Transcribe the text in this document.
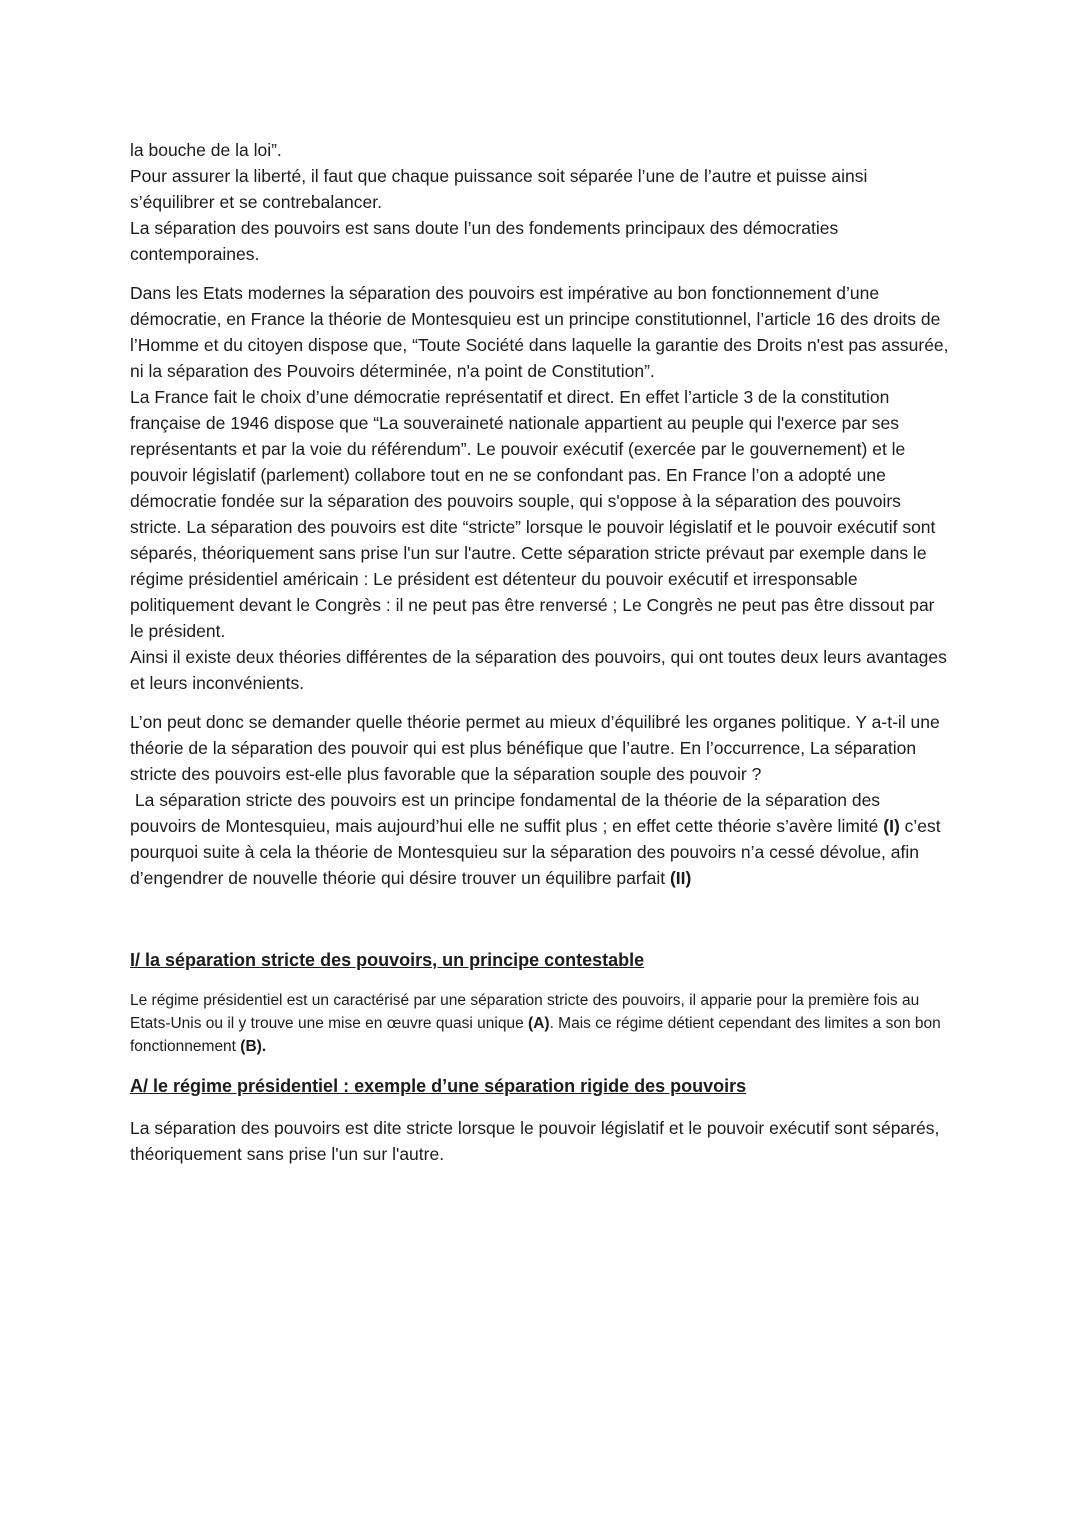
la bouche de la loi”.
Pour assurer la liberté, il faut que chaque puissance soit séparée l’une de l’autre et puisse ainsi s’équilibrer et se contrebalancer.
La séparation des pouvoirs est sans doute l’un des fondements principaux des démocraties contemporaines.
Dans les Etats modernes la séparation des pouvoirs est impérative au bon fonctionnement d’une démocratie, en France la théorie de Montesquieu est un principe constitutionnel, l’article 16 des droits de l’Homme et du citoyen dispose que, “Toute Société dans laquelle la garantie des Droits n'est pas assurée, ni la séparation des Pouvoirs déterminée, n'a point de Constitution”.
La France fait le choix d’une démocratie représentatif et direct. En effet l’article 3 de la constitution française de 1946 dispose que “La souveraineté nationale appartient au peuple qui l'exerce par ses représentants et par la voie du référendum”. Le pouvoir exécutif (exercée par le gouvernement) et le pouvoir législatif (parlement) collabore tout en ne se confondant pas. En France l’on a adopté une démocratie fondée sur la séparation des pouvoirs souple, qui s'oppose à la séparation des pouvoirs stricte. La séparation des pouvoirs est dite “stricte” lorsque le pouvoir législatif et le pouvoir exécutif sont séparés, théoriquement sans prise l'un sur l'autre. Cette séparation stricte prévaut par exemple dans le régime présidentiel américain : Le président est détenteur du pouvoir exécutif et irresponsable politiquement devant le Congrès : il ne peut pas être renversé ; Le Congrès ne peut pas être dissout par le président.
Ainsi il existe deux théories différentes de la séparation des pouvoirs, qui ont toutes deux leurs avantages et leurs inconvénients.
L’on peut donc se demander quelle théorie permet au mieux d’équilibré les organes politique. Y a-t-il une théorie de la séparation des pouvoir qui est plus bénéfique que l’autre. En l’occurrence, La séparation stricte des pouvoirs est-elle plus favorable que la séparation souple des pouvoir ?
La séparation stricte des pouvoirs est un principe fondamental de la théorie de la séparation des pouvoirs de Montesquieu, mais aujourd’hui elle ne suffit plus ; en effet cette théorie s’avère limité (I) c’est pourquoi suite à cela la théorie de Montesquieu sur la séparation des pouvoirs n’a cessé dévolue, afin d’engendrer de nouvelle théorie qui désire trouver un équilibre parfait (II)
I/ la séparation stricte des pouvoirs, un principe contestable
Le régime présidentiel est un caractérisé par une séparation stricte des pouvoirs, il apparie pour la première fois au Etats-Unis ou il y trouve une mise en œuvre quasi unique (A). Mais ce régime détient cependant des limites a son bon fonctionnement (B).
A/ le régime présidentiel : exemple d’une séparation rigide des pouvoirs
La séparation des pouvoirs est dite stricte lorsque le pouvoir législatif et le pouvoir exécutif sont séparés, théoriquement sans prise l'un sur l'autre.
